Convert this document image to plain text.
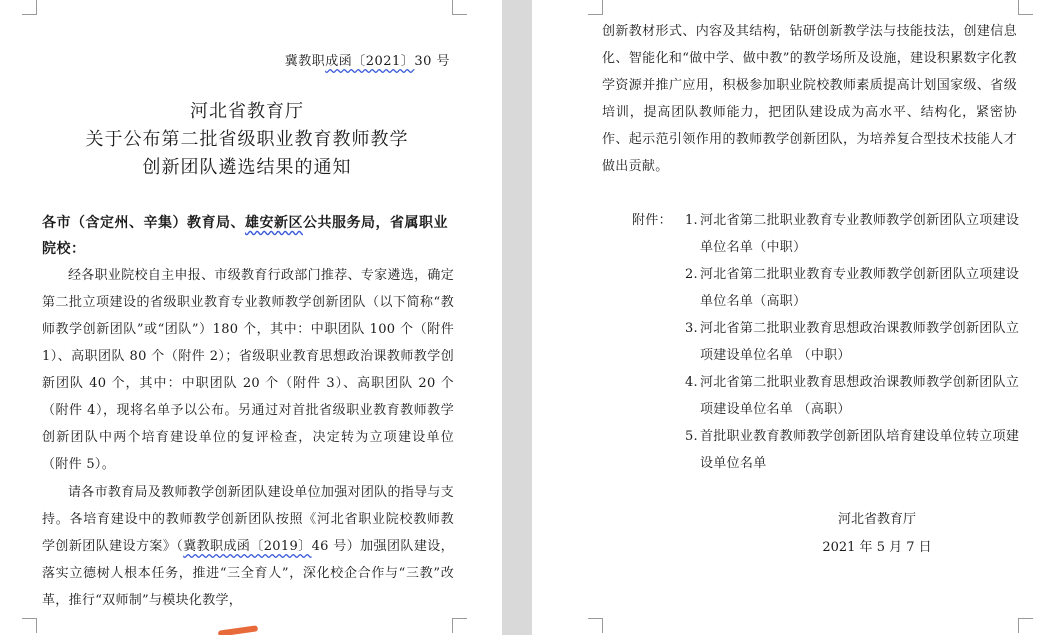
冀教职成函〔2021〕30 号
河北省教育厅
关于公布第二批省级职业教育教师教学
创新团队遴选结果的通知
各市（含定州、辛集）教育局、雄安新区公共服务局，省属职业院校：

经各职业院校自主申报、市级教育行政部门推荐、专家遴选，确定第二批立项建设的省级职业教育专业教师教学创新团队（以下简称“教师教学创新团队”或“团队”）180 个，其中：中职团队 100 个（附件 1）、高职团队 80 个（附件 2）；省级职业教育思想政治课教师教学创新团队 40 个，其中：中职团队 20 个（附件 3）、高职团队 20 个（附件 4），现将名单予以公布。另通过对首批省级职业教育教师教学创新团队中两个培育建设单位的复评检查，决定转为立项建设单位（附件 5）。

请各市教育局及教师教学创新团队建设单位加强对团队的指导与支持。各培育建设中的教师教学创新团队按照《河北省职业院校教师教学创新团队建设方案》（冀教职成函〔2019〕46 号）加强团队建设，落实立德树人根本任务，推进“三全育人”，深化校企合作与“三教”改革，推行“双师制”与模块化教学，

创新教材形式、内容及其结构，钻研创新教学法与技能技法，创建信息化、智能化和“做中学、做中教”的教学场所及设施，建设积累数字化教学资源并推广应用，积极参加职业院校教师素质提高计划国家级、省级培训，提高团队教师能力，把团队建设成为高水平、结构化，紧密协作、起示范引领作用的教师教学创新团队，为培养复合型技术技能人才做出贡献。
附件：	1. 河北省第二批职业教育专业教师教学创新团队立项建设单位名单（中职）
2. 河北省第二批职业教育专业教师教学创新团队立项建设单位名单（高职）
3. 河北省第二批职业教育思想政治课教师教学创新团队立项建设单位名单 （中职）
4. 河北省第二批职业教育思想政治课教师教学创新团队立项建设单位名单 （高职）
5. 首批职业教育教师教学创新团队培育建设单位转立项建设单位名单
河北省教育厅
2021 年 5 月 7 日
